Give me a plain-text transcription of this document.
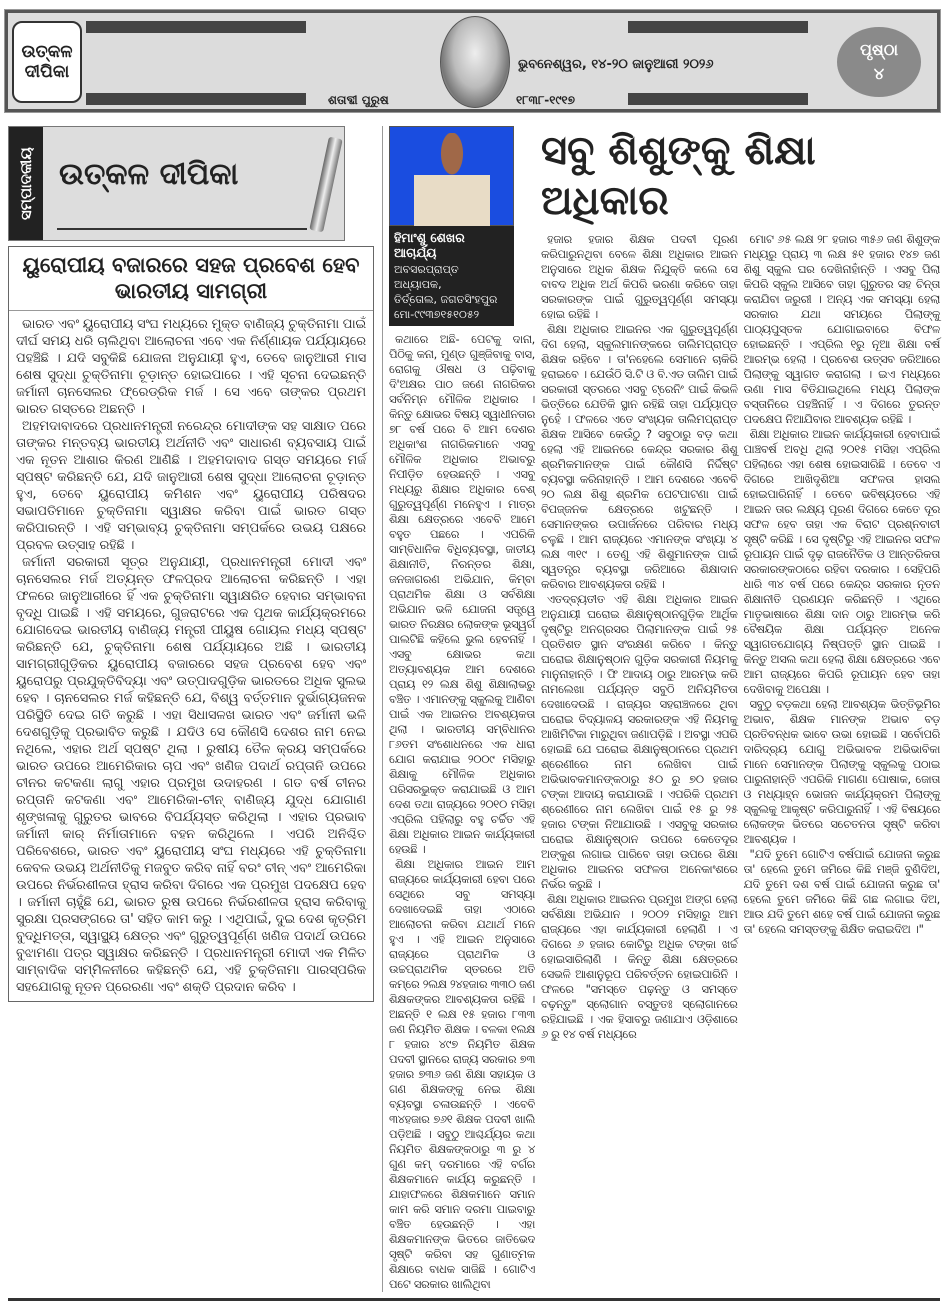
ଉତ୍କଳ ଦୀପିକା	ଭୁବନେଶ୍ୱର, ୧୪-୨୦ ଜାନୁଆରୀ ୨୦୨୬
ଶତାବ୍ଦୀ ପୁରୁଷ	୧୮୩୮-୧୯୧୭
ପୃଷ୍ଠା
୪
ସମ୍ପାଦକୀୟ ଉତ୍କଳ ଦୀପିକା
ୟୁରୋପୀୟ ବଜାରରେ ସହଜ ପ୍ରବେଶ ହେବ ଭାରତୀୟ ସାମଗ୍ରୀ

ଭାରତ ଏବଂ ୟୁରୋପୀୟ ସଂଘ ମଧ୍ୟରେ ମୁକ୍ତ ବାଣିଜ୍ୟ ଚୁକ୍ତିନାମା ପାଇଁ ଦୀର୍ଘ ସମୟ ଧରି ଚାଲିଥିବା ଆଲୋଚନା ଏବେ ଏକ ନିର୍ଣ୍ଣାୟକ ପର୍ଯ୍ୟାୟରେ ପହଞ୍ଚିଛି । ଯଦି ସବୁକିଛି ଯୋଜନା ଅନୁଯାୟୀ ହୁଏ, ତେବେ ଜାନୁଆରୀ ମାସ ଶେଷ ସୁଦ୍ଧା ଚୁକ୍ତିନାମା ଚୂଡ଼ାନ୍ତ ହୋଇପାରେ । ଏହି ସୂଚନା ଦେଇଛନ୍ତି ଜର୍ମାନୀ ଚାନସେଲର ଫ୍ରେଡ୍ରିକ ମର୍ଜ । ସେ ଏବେ ତାଙ୍କର ପ୍ରଥମ ଭାରତ ଗସ୍ତରେ ଅଛନ୍ତି ।

ଅହମଦାବାଦରେ ପ୍ରଧାନମନ୍ତ୍ରୀ ନରେନ୍ଦ୍ର ମୋଦୀଙ୍କ ସହ ସାକ୍ଷାତ ପରେ ତାଙ୍କର ମନ୍ତବ୍ୟ ଭାରତୀୟ ଅର୍ଥନୀତି ଏବଂ ସାଧାରଣ ବ୍ୟବସାୟ ପାଇଁ ଏକ ନୂତନ ଆଶାର କିରଣ ଆଣିଛି । ଅହମଦାବାଦ ଗସ୍ତ ସମୟରେ ମର୍ଜ ସ୍ପଷ୍ଟ କରିଛନ୍ତି ଯେ, ଯଦି ଜାନୁଆରୀ ଶେଷ ସୁଦ୍ଧା ଆଲୋଚନା ଚୂଡ଼ାନ୍ତ ହୁଏ, ତେବେ ୟୁରୋପୀୟ କମିଶନ ଏବଂ ୟୁରୋପୀୟ ପରିଷଦର ସଭାପତିମାନେ ଚୁକ୍ତିନାମା ସ୍ୱାକ୍ଷର କରିବା ପାଇଁ ଭାରତ ଗସ୍ତ କରିପାରନ୍ତି । ଏହି ସମ୍ଭାବ୍ୟ ଚୁକ୍ତିନାମା ସମ୍ପର୍କରେ ଉଭୟ ପକ୍ଷରେ ପ୍ରବଳ ଉତ୍ସାହ ରହିଛି ।

ଜର୍ମାନୀ ସରକାରୀ ସୂତ୍ର ଅନୁଯାୟୀ, ପ୍ରଧାନମନ୍ତ୍ରୀ ମୋଦୀ ଏବଂ ଚାନସେଲର ମର୍ଜ ଅତ୍ୟନ୍ତ ଫଳପ୍ରଦ ଆଲୋଚନା କରିଛନ୍ତି । ଏହା ଫଳରେ ଜାନୁଆରୀରେ ହିଁ ଏକ ଚୁକ୍ତିନାମା ସ୍ୱାକ୍ଷରିତ ହେବାର ସମ୍ଭାବନା ବୃଦ୍ଧି ପାଇଛି । ଏହି ସମୟରେ, ଗୁଜରାଟରେ ଏକ ପୃଥକ କାର୍ଯ୍ୟକ୍ରମରେ ଯୋଗଦେଇ ଭାରତୀୟ ବାଣିଜ୍ୟ ମନ୍ତ୍ରୀ ପୀୟୁଷ ଗୋୟଲ ମଧ୍ୟ ସ୍ପଷ୍ଟ କରିଛନ୍ତି ଯେ, ଚୁକ୍ତିନାମା ଶେଷ ପର୍ଯ୍ୟାୟରେ ଅଛି । ଭାରତୀୟ ସାମଗ୍ରୀଗୁଡ଼ିକର ୟୁରୋପୀୟ ବଜାରରେ ସହଜ ପ୍ରବେଶ ହେବ ଏବଂ ୟୁରୋପରୁ ପ୍ରଯୁକ୍ତିବିଦ୍ୟା ଏବଂ ଉତ୍ପାଦଗୁଡ଼ିକ ଭାରତରେ ଅଧିକ ସୁଲଭ ହେବ । ଚାନସେଲର ମର୍ଜ କହିଛନ୍ତି ଯେ, ବିଶ୍ୱ ବର୍ତ୍ତମାନ ଦୁର୍ଭାଗ୍ୟଜନକ ପରିସ୍ଥିତି ଦେଇ ଗତି କରୁଛି । ଏହା ସିଧାସଳଖ ଭାରତ ଏବଂ ଜର୍ମାନୀ ଭଳି ଦେଶଗୁଡ଼ିକୁ ପ୍ରଭାବିତ କରୁଛି । ଯଦିଓ ସେ କୌଣସି ଦେଶର ନାମ ନେଇ ନଥିଲେ, ଏହାର ଅର୍ଥ ସ୍ପଷ୍ଟ ଥିଲା । ରୁଷୀୟ ତୈଳ କ୍ରୟ ସମ୍ପର୍କରେ ଭାରତ ଉପରେ ଆମେରିକାର ଚାପ ଏବଂ ଖଣିଜ ପଦାର୍ଥ ରପ୍ତାନି ଉପରେ ଚୀନର କଟକଣା ଲାଗୁ ଏହାର ପ୍ରମୁଖ ଉଦାହରଣ । ଗତ ବର୍ଷ ଚୀନର ରପ୍ତାନି କଟକଣା ଏବଂ ଆମେରିକା-ଚୀନ୍ ବାଣିଜ୍ୟ ଯୁଦ୍ଧ ଯୋଗାଣ ଶୃଙ୍ଖଳାକୁ ଗୁରୁତର ଭାବରେ ବିପର୍ଯ୍ୟସ୍ତ କରିଥିଲା । ଏହାର ପ୍ରଭାବ ଜର୍ମାନୀ କାର୍ ନିର୍ମାତାମାନେ ବହନ କରିଥିଲେ । ଏପରି ଅନିଶ୍ଚିତ ପରିବେଶରେ, ଭାରତ ଏବଂ ୟୁରୋପୀୟ ସଂଘ ମଧ୍ୟରେ ଏହି ଚୁକ୍ତିନାମା କେବଳ ଉଭୟ ଅର୍ଥନୀତିକୁ ମଜବୁତ କରିବ ନାହିଁ ବରଂ ଚୀନ୍ ଏବଂ ଆମେରିକା ଉପରେ ନିର୍ଭରଶୀଳତା ହ୍ରାସ କରିବା ଦିଗରେ ଏକ ପ୍ରମୁଖ ପଦକ୍ଷେପ ହେବ । ଜର୍ମାନୀ ଚାହୁଁଛି ଯେ, ଭାରତ ରୁଷ ଉପରେ ନିର୍ଭରଶୀଳତା ହ୍ରାସ କରିବାକୁ ସୁରକ୍ଷା ପ୍ରସଙ୍ଗରେ ତା' ସହିତ କାମ କରୁ । ଏଥିପାଇଁ, ଦୁଇ ଦେଶ କୃତ୍ରିମ ବୁଦ୍ଧିମତ୍ତା, ସ୍ୱାସ୍ଥ୍ୟ କ୍ଷେତ୍ର ଏବଂ ଗୁରୁତ୍ୱପୂର୍ଣ୍ଣ ଖଣିଜ ପଦାର୍ଥ ଉପରେ ବୁଝାମଣା ପତ୍ର ସ୍ୱାକ୍ଷର କରିଛନ୍ତି । ପ୍ରଧାନମନ୍ତ୍ରୀ ମୋଦୀ ଏକ ମିଳିତ ସାମ୍ବାଦିକ ସମ୍ମିଳନୀରେ କହିଛନ୍ତି ଯେ, ଏହି ଚୁକ୍ତିନାମା ପାରସ୍ପରିକ ସହଯୋଗକୁ ନୂତନ ପ୍ରେରଣା ଏବଂ ଶକ୍ତି ପ୍ରଦାନ କରିବ ।

ହିମାଂଶୁ ଶେଖର ଆଚାର୍ଯ୍ୟ
ଅବସରପ୍ରାପ୍ତ ଅଧ୍ୟାପକ,
ତିର୍ତ୍ତୋଲ, ଜଗତସିଂହପୁର
ମୋ-୯୯୩୭୧୫୧୦୫୨

କଥାରେ ଅଛି- ପେଟକୁ ଦାନା, ପିଠିକୁ କନା, ମୁଣ୍ଡ ଗୁଞ୍ଜିବାକୁ ବାସ, ରୋଗକୁ ଔଷଧ ଓ ପଢ଼ିବାକୁ ଦି'ଅକ୍ଷର ପାଠ ଜଣେ ନାଗରିକର ସର୍ବନିମ୍ନ ମୌଳିକ ଅଧିକାର । କିନ୍ତୁ କ୍ଷୋଭର ବିଷୟ ସ୍ୱାଧୀନତାର ୭୮ ବର୍ଷ ପରେ ବି ଆମ ଦେଶର ଅଧିକାଂଶ ନାଗରିକମାନେ ଏସବୁ ମୌଳିକ ଅଧିକାର ଅଭାବରୁ ନିପୀଡ଼ିତ ହେଉଛନ୍ତି । ଏସବୁ ମଧ୍ୟରୁ ଶିକ୍ଷାର ଅଧିକାର ବେଶ୍ ଗୁରୁତ୍ୱପୂର୍ଣ୍ଣ ମନେହୁଏ । ମାତ୍ର ଶିକ୍ଷା କ୍ଷେତ୍ରରେ ଏବେବି ଆମେ ବହୁତ ପଛରେ । ଏପରିକି ସାମ୍ବିଧାନିକ ବିଧିବ୍ୟବସ୍ଥା, ଜାତୀୟ ଶିକ୍ଷାନୀତି, ନିରନ୍ତର ଶିକ୍ଷା, ଜନଜାଗରଣ ଅଭିଯାନ, କିମ୍ବା ପ୍ରାଥମିକ ଶିକ୍ଷା ଓ ସର୍ବଶିକ୍ଷା ଅଭିଯାନ ଭଳି ଯୋଜନା ସତ୍ତ୍ୱେ ଭାରତ ନିରକ୍ଷର ଲୋକଙ୍କ ଭୂସ୍ୱର୍ଗ ପାଲଟିଛି କହିଲେ ଭୁଲ ହେବନାହିଁ । ଏସବୁ କ୍ଷୋଭର କଥା ଅତ୍ୟାବଶ୍ୟକ ଆମ ଦେଶରେ ପ୍ରାୟ ୧୨ ଲକ୍ଷ ଶିଶୁ ଶିକ୍ଷାଲାଭରୁ ବଞ୍ଚିତ । ଏମାନଙ୍କୁ ସ୍କୁଲକୁ ଆଣିବା ପାଇଁ ଏକ ଆଇନର ଅବଶ୍ୟକତା ଥିଲା । ଭାରତୀୟ ସମ୍ବିଧାନର ୮୬ତମ ସଂଶୋଧନରେ ଏକ ଧାରା ଯୋଗ କରାଯାଇ ୨୦୦୯ ମସିହାରୁ ଶିକ୍ଷାକୁ ମୌଳିକ ଅଧିକାର ପରିସରଭୁକ୍ତ କରାଯାଇଛି ଓ ଆମ ଦେଶ ତଥା ରାଜ୍ୟରେ ୨୦୧୦ ମସିହା ଏପ୍ରିଲ ପହିଲାରୁ ବହୁ ଚର୍ଚ୍ଚିତ ଏହି ଶିକ୍ଷା ଅଧିକାର ଆଇନ କାର୍ଯ୍ୟକାରୀ ହେଉଛି ।

ଶିକ୍ଷା ଅଧିକାର ଆଇନ ଆମ ରାଜ୍ୟରେ କାର୍ଯ୍ୟକାରୀ ହେବା ପରେ ସେଥିରେ ସବୁ ସମସ୍ୟା ଦେଖାଦେଇଛି ତାହା ଏଠାରେ ଆଲୋଚନା କରିବା ଯଥାର୍ଥ ମନେ ହୁଏ । ଏହି ଆଇନ ଅନୁସାରେ ରାଜ୍ୟରେ ପ୍ରାଥମିକ ଓ ଉଚ୍ଚପ୍ରାଥମିକ ସ୍ତରରେ ଅତି କମ୍‌ରେ ୨ଲକ୍ଷ ୨୪ହଜାର ୩୩୦ ଜଣ ଶିକ୍ଷକଙ୍କର ଆବଶ୍ୟକତା ରହିଛି । ଅଛନ୍ତି ୧ ଲକ୍ଷ ୧୫ ହଜାର ୮୩୩ ଜଣ ନିୟମିତ ଶିକ୍ଷକ । ବଳକା ୧ଲକ୍ଷ ୮ ହଜାର ୪୯୭ ନିୟମିତ ଶିକ୍ଷକ ପଦବୀ ସ୍ଥାନରେ ରାଜ୍ୟ ସରକାର ୭୩ ହଜାର ୭୩୬ ଜଣ ଶିକ୍ଷା ସହାୟକ ଓ ଗଣ ଶିକ୍ଷକଙ୍କୁ ନେଇ ଶିକ୍ଷା ବ୍ୟବସ୍ଥା ଚଳାଉଛନ୍ତି । ଏବେବି ୩୪ହଜାର ୭୬୧ ଶିକ୍ଷକ ପଦବୀ ଖାଲି ପଡ଼ିଅଛି । ସବୁଠୁ ଆଶ୍ଚର୍ଯ୍ୟର କଥା ନିୟମିତ ଶିକ୍ଷକଙ୍କଠାରୁ ୩ ରୁ ୪ ଗୁଣ କମ୍ ଦରମାରେ ଏହି ବର୍ଗର ଶିକ୍ଷକମାନେ କାର୍ଯ୍ୟ କରୁଛନ୍ତି । ଯାହାଫଳରେ ଶିକ୍ଷକମାନେ ସମାନ କାମ କରି ସମାନ ଦରମା ପାଇବାରୁ ବଞ୍ଚିତ ହେଉଛନ୍ତି । ଏହା ଶିକ୍ଷକମାନଙ୍କ ଭିତରେ ଜାତିଭେଦ ସୃଷ୍ଟି କରିବା ସହ ଗୁଣାତ୍ମକ ଶିକ୍ଷାରେ ବାଧକ ସାଜିଛି । ଗୋଟିଏ ପଟେ ସରକାର ଖାଲିଥିବା

ସବୁ ଶିଶୁଙ୍କୁ ଶିକ୍ଷା ଅଧିକାର

ହଜାର ହଜାର ଶିକ୍ଷକ ପଦବୀ ପୂରଣ କରିପାରୁନଥିବା ବେଳେ ଶିକ୍ଷା ଅଧିକାର ଆଇନ ଅନୁସାରେ ଅଧିକ ଶିକ୍ଷକ ନିଯୁକ୍ତି କଲେ ସେ ବାବଦ ଅଧିକ ଅର୍ଥ କିପରି ଭରଣା କରିବେ ତାହା ସରକାରଙ୍କ ପାଇଁ ଗୁରୁତ୍ୱପୂର୍ଣ୍ଣ ସମସ୍ୟା ହୋଇ ରହିଛି ।

ଶିକ୍ଷା ଅଧିକାର ଆଇନର ଏକ ଗୁରୁତ୍ୱପୂର୍ଣ୍ଣ ଦିଗ ହେଲା, ସ୍କୁଲମାନଙ୍କରେ ତାଲିମପ୍ରାପ୍ତ ଶିକ୍ଷକ ରହିବେ । ତା'ନହେଲେ ସେମାନେ ଚାକିରି ହରାଇବେ । ଯେଉଁଠି ସି.ଟି ଓ ବି.ଏଡ ତାଲିମ ପାଇଁ ସରକାରୀ ସ୍ତରରେ ଏସବୁ ଟ୍ରେନିଂ ପାଇଁ କିଭଳି ଭିତ୍ତିରେ ଯେତିକି ସ୍ଥାନ ରହିଛି ତାହା ପର୍ଯ୍ୟାପ୍ତ ନୁହେଁ । ଫଳରେ ଏତେ ସଂଖ୍ୟକ ତାଲିମପ୍ରାପ୍ତ ଶିକ୍ଷକ ଆସିବେ କେଉଁଠୁ ? ସବୁଠାରୁ ବଡ଼ କଥା ହେଲା ଏହି ଆଇନରେ କେନ୍ଦ୍ର ସରକାର ଶିଶୁ ଶ୍ରମିକମାନଙ୍କ ପାଇଁ କୌଣସି ନିର୍ଦ୍ଦିଷ୍ଟ ବ୍ୟବସ୍ଥା କରିନାହାନ୍ତି । ଆମ ଦେଶରେ ଏବେବି ୨୦ ଲକ୍ଷ ଶିଶୁ ଶ୍ରମିକ ପେଟପାଟଣା ପାଇଁ ବିପଜ୍ଜନକ କ୍ଷେତ୍ରରେ ଖଟୁଛନ୍ତି । ସେମାନଙ୍କର ଉପାର୍ଜନରେ ପରିବାର ମଧ୍ୟ ଚଳୁଛି । ଆମ ରାଜ୍ୟରେ ଏମାନଙ୍କ ସଂଖ୍ୟା ୪ ଲକ୍ଷ ୩୧୯ । ତେଣୁ ଏହି ଶିଶୁମାନଙ୍କ ପାଇଁ ସ୍ୱତନ୍ତ୍ର ବ୍ୟବସ୍ଥା ଜରିଆରେ ଶିକ୍ଷାଦାନ କରିବାର ଆବଶ୍ୟକତା ରହିଛି ।

ଏତଦ୍‌ବ୍ୟତୀତ ଏହି ଶିକ୍ଷା ଅଧିକାର ଆଇନ ଅନୁଯାୟୀ ଘରୋଇ ଶିକ୍ଷାନୁଷ୍ଠାନଗୁଡ଼ିକ ଆର୍ଥିକ ଦୃଷ୍ଟିରୁ ଅନଗ୍ରସର ପିଲାମାନଙ୍କ ପାଇଁ ୨୫ ପ୍ରତିଶତ ସ୍ଥାନ ସଂରକ୍ଷଣ କରିବେ । କିନ୍ତୁ ଘରୋଇ ଶିକ୍ଷାନୁଷ୍ଠାନ ଗୁଡ଼ିକ ସରକାରୀ ନିୟମକୁ ମାନୁନାହାନ୍ତି । ଫି ଆଦାୟ ଠାରୁ ଆରମ୍ଭ କରି ନାମଲେଖା ପର୍ଯ୍ୟନ୍ତ ସବୁଠି ଅନିୟମିତତା ଦେଖାଦେଉଛି । ରାଜ୍ୟର ସହରାଞ୍ଚଳରେ ଥିବା ଘରୋଇ ବିଦ୍ୟାଳୟ ସରକାରଙ୍କ ଏହି ନିୟମକୁ ଆଖିମିଟିକା ମାରୁଥିବା ଜଣାପଡ଼ିଛି । ଅବସ୍ଥା ଏପରି ହୋଇଛି ଯେ ଘରୋଇ ଶିକ୍ଷାନୁଷ୍ଠାନରେ ପ୍ରଥମ ଶ୍ରେଣୀରେ ନାମ ଲେଖିବା ପାଇଁ ଅଭିଭାବକମାନଙ୍କଠାରୁ ୫୦ ରୁ ୭୦ ହଜାର ଟଙ୍କା ଆଦାୟ କରାଯାଉଛି । ଏପରିକି ପ୍ରଥମ ଶ୍ରେଣୀରେ ନାମ ଲେଖିବା ପାଇଁ ୧୫ ରୁ ୨୫ ହଜାର ଟଙ୍କା ନିଆଯାଉଛି । ଏସବୁକୁ ସରକାର ଘରୋଇ ଶିକ୍ଷାନୁଷ୍ଠାନ ଉପରେ କେତେଦୂର ଅଙ୍କୁଶ ଲଗାଇ ପାରିବେ ତାହା ଉପରେ ଶିକ୍ଷା ଅଧିକାର ଆଇନର ସଫଳତା ଅନେକାଂଶରେ ନିର୍ଭର କରୁଛି ।

ଶିକ୍ଷା ଅଧିକାର ଆଇନର ପ୍ରମୁଖ ଅଙ୍ଗ ହେଲା ସର୍ବଶିକ୍ଷା ଅଭିଯାନ । ୨୦୦୨ ମସିହାରୁ ଆମ ରାଜ୍ୟରେ ଏହା କାର୍ଯ୍ୟକାରୀ ହେଲାଣି । ଏ ଦିଗରେ ୬ ହଜାର କୋଟିରୁ ଅଧିକ ଟଙ୍କା ଖର୍ଚ୍ଚ ହୋଇସାରିଲାଣି । କିନ୍ତୁ ଶିକ୍ଷା କ୍ଷେତ୍ରରେ ସେଭଳି ଆଶାନୁରୂପ ପରିବର୍ତ୍ତନ ହୋଇପାରିନି । ଫଳରେ "ସମସ୍ତେ ପଢ଼ନ୍ତୁ ଓ ସମସ୍ତେ ବଢ଼ନ୍ତୁ" ସ୍ଲୋଗାନ ବସ୍ତୁତଃ ସ୍ଲୋଗାନରେ ରହିଯାଇଛି । ଏକ ହିସାବରୁ ଜଣାଯାଏ ଓଡ଼ିଶାରେ ୬ ରୁ ୧୪ ବର୍ଷ ମଧ୍ୟରେ

ମୋଟ ୬୫ ଲକ୍ଷ ୨୮ ହଜାର ୩୫୬ ଜଣ ଶିଶୁଙ୍କ ମଧ୍ୟରୁ ପ୍ରାୟ ୩ ଲକ୍ଷ ୫୧ ହଜାର ୧୪୭ ଜଣ ଶିଶୁ ସ୍କୁଲ ଘର ଦେଖିନାହାଁନ୍ତି । ଏସବୁ ପିଲା କିପରି ସ୍କୁଲ ଆସିବେ ତାହା ଗୁରୁତର ସହ ଚିନ୍ତା କରାଯିବା ଜରୁରୀ । ଅନ୍ୟ ଏକ ସମସ୍ୟା ହେଲା ସରକାର ଯଥା ସମୟରେ ପିଲାଙ୍କୁ ପାଠ୍ୟପୁସ୍ତକ ଯୋଗାଇବାରେ ବିଫଳ ହୋଇଛନ୍ତି । ଏପ୍ରିଲ ୧ରୁ ନୂଆ ଶିକ୍ଷା ବର୍ଷ ଆରମ୍ଭ ହେଲା । ପ୍ରବେଶ ଉତ୍ସବ ଜରିଆରେ ପିଲାଙ୍କୁ ସ୍ୱାଗତ କରାଗଲା । ଇଏ ମଧ୍ୟରେ ଉଣା ମାସ ବିତିଯାଇଥିଲେ ମଧ୍ୟ ପିଲାଙ୍କ ବସ୍ତାନିରେ ପହଞ୍ଚିନାହିଁ । ଏ ଦିଗରେ ତୁରନ୍ତ ପଦକ୍ଷେପ ନିଆଯିବାର ଆବଶ୍ୟକ ରହିଛି ।

ଶିକ୍ଷା ଅଧିକାର ଆଇନ କାର୍ଯ୍ୟକାରୀ ହେବାପାଇଁ ପାଞ୍ଚବର୍ଷ ଅବଧି ଥିଲା ୨୦୧୫ ମସିହା ଏପ୍ରିଲ ପହିଲାରେ ଏହା ଶେଷ ହୋଇସାରିଛି । ତେବେ ଏ ଦିଗରେ ଆଖିଦୃଶିଆ ସଫଳତା ହାସଲ ହୋଇପାରିନାହିଁ । ତେବେ ଭବିଷ୍ୟତରେ ଏହି ଆଇନ ତାର ଲକ୍ଷ୍ୟ ପୂରଣ ଦିଗରେ କେତେ ଦୂର ସଫଳ ହେବ ତାହା ଏକ ବିରାଟ ପ୍ରଶ୍ନବାଚୀ ସୃଷ୍ଟି କରିଛି । ସେ ଦୃଷ୍ଟିରୁ ଏହି ଆଇନର ସଫଳ ରୂପାୟନ ପାଇଁ ଦୃଢ଼ ରାଜନୈତିକ ଓ ଆନ୍ତରିକତା ସରକାରଙ୍କଠାରେ ରହିବା ଦରକାର । ସେହିପରି ଧାରି ୩୪ ବର୍ଷ ପରେ କେନ୍ଦ୍ର ସରକାର ନୂତନ ଶିକ୍ଷାନୀତି ପ୍ରଣୟନ କରିଛନ୍ତି । ଏଥିରେ ମାତୃଭାଷାରେ ଶିକ୍ଷା ଦାନ ଠାରୁ ଆରମ୍ଭ କରି ବୈଷୟିକ ଶିକ୍ଷା ପର୍ଯ୍ୟନ୍ତ ଅନେକ ସ୍ୱାଗତଯୋଗ୍ୟ ନିଷ୍ପତ୍ତି ସ୍ଥାନ ପାଇଛି । କିନ୍ତୁ ଅସଲ କଥା ହେଲା ଶିକ୍ଷା କ୍ଷେତ୍ରରେ ଏବେ ଆମ ରାଜ୍ୟରେ କିପରି ରୂପାୟନ ହେବ ତାହା ଦେଖିବାକୁ ଅପେକ୍ଷା ।

ସବୁଠୁ ବଡ଼କଥା ହେଲା ଆବଶ୍ୟକ ଭିତ୍ତିଭୂମିର ଅଭାବ, ଶିକ୍ଷକ ମାନଙ୍କ ଅଭାବ ବଡ଼ ପ୍ରତିବନ୍ଧକ ଭାବେ ଉଭା ହୋଇଛି । ସର୍ବୋପରି ଦାରିଦ୍ର୍ୟ ଯୋଗୁ ଅଭିଭାବକ ଅଭିଭାବିକା ମାନେ ସେମାନଙ୍କ ପିଲାଙ୍କୁ ସ୍କୁଲକୁ ପଠାଇ ପାରୁନାହାନ୍ତି ଏପରିକି ମାଗଣା ପୋଷାକ, ଜୋତା ଓ ମଧ୍ୟାହ୍ନ ଭୋଜନ କାର୍ଯ୍ୟକ୍ରମ ପିଲାଙ୍କୁ ସ୍କୁଲକୁ ଆକୃଷ୍ଟ କରିପାରୁନାହିଁ । ଏହି ବିଷୟରେ ଲୋକଙ୍କ ଭିତରେ ସଚେତନତା ସୃଷ୍ଟି କରିବା ଆବଶ୍ୟକ ।

"ଯଦି ତୁମେ ଗୋଟିଏ ବର୍ଷପାଇଁ ଯୋଜନା କରୁଛ ତା' ହେଲେ ତୁମେ ଜମିରେ କିଛି ମଞ୍ଜି ବୁଣିଦିଅ, ଯଦି ତୁମେ ଦଶ ବର୍ଷ ପାଇଁ ଯୋଜନା କରୁଛ ତା' ହେଲେ ତୁମେ ଜମିରେ କିଛି ଗଛ ଲଗାଇ ଦିଅ, ଆଉ ଯଦି ତୁମେ ଶହେ ବର୍ଷ ପାଇଁ ଯୋଜନା କରୁଛ ତା' ହେଲେ ସମସ୍ତଙ୍କୁ ଶିକ୍ଷିତ କରାଇଦିଅ ।"
